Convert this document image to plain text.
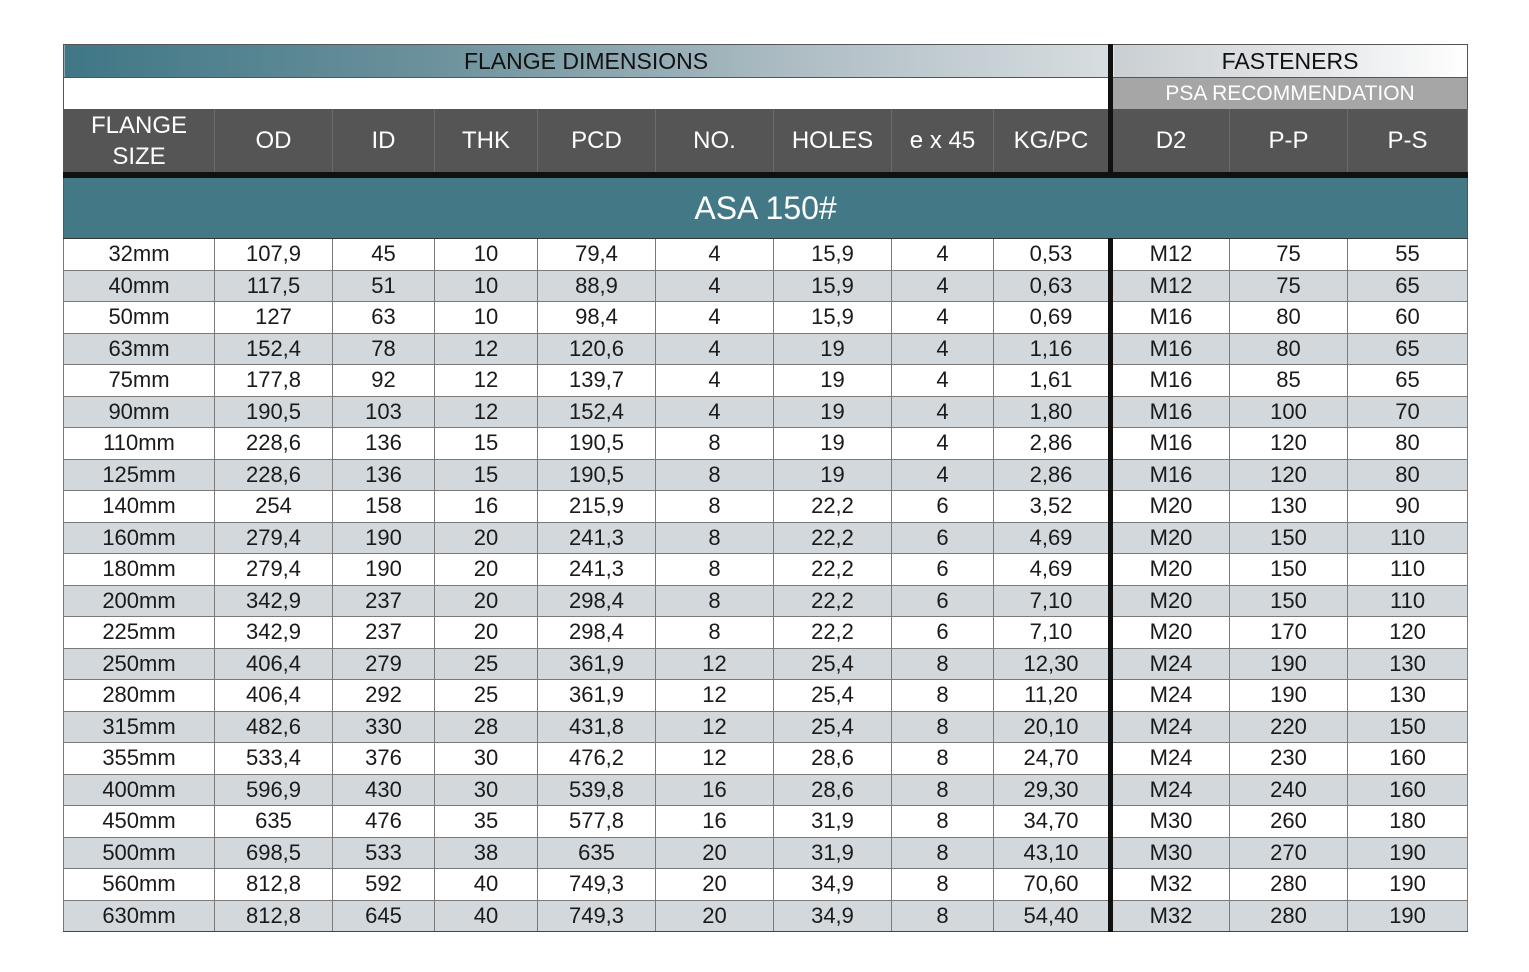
FLANGE DIMENSIONS									FASTENERS		
									PSA RECOMMENDATION		
FLANGE
SIZE	OD	ID	THK	PCD	NO.	HOLES	e x 45	KG/PC	D2	P-P	P-S
ASA 150#											
32mm	107,9	45	10	79,4	4	15,9	4	0,53	M12	75	55
40mm	117,5	51	10	88,9	4	15,9	4	0,63	M12	75	65
50mm	127	63	10	98,4	4	15,9	4	0,69	M16	80	60
63mm	152,4	78	12	120,6	4	19	4	1,16	M16	80	65
75mm	177,8	92	12	139,7	4	19	4	1,61	M16	85	65
90mm	190,5	103	12	152,4	4	19	4	1,80	M16	100	70
110mm	228,6	136	15	190,5	8	19	4	2,86	M16	120	80
125mm	228,6	136	15	190,5	8	19	4	2,86	M16	120	80
140mm	254	158	16	215,9	8	22,2	6	3,52	M20	130	90
160mm	279,4	190	20	241,3	8	22,2	6	4,69	M20	150	110
180mm	279,4	190	20	241,3	8	22,2	6	4,69	M20	150	110
200mm	342,9	237	20	298,4	8	22,2	6	7,10	M20	150	110
225mm	342,9	237	20	298,4	8	22,2	6	7,10	M20	170	120
250mm	406,4	279	25	361,9	12	25,4	8	12,30	M24	190	130
280mm	406,4	292	25	361,9	12	25,4	8	11,20	M24	190	130
315mm	482,6	330	28	431,8	12	25,4	8	20,10	M24	220	150
355mm	533,4	376	30	476,2	12	28,6	8	24,70	M24	230	160
400mm	596,9	430	30	539,8	16	28,6	8	29,30	M24	240	160
450mm	635	476	35	577,8	16	31,9	8	34,70	M30	260	180
500mm	698,5	533	38	635	20	31,9	8	43,10	M30	270	190
560mm	812,8	592	40	749,3	20	34,9	8	70,60	M32	280	190
630mm	812,8	645	40	749,3	20	34,9	8	54,40	M32	280	190
